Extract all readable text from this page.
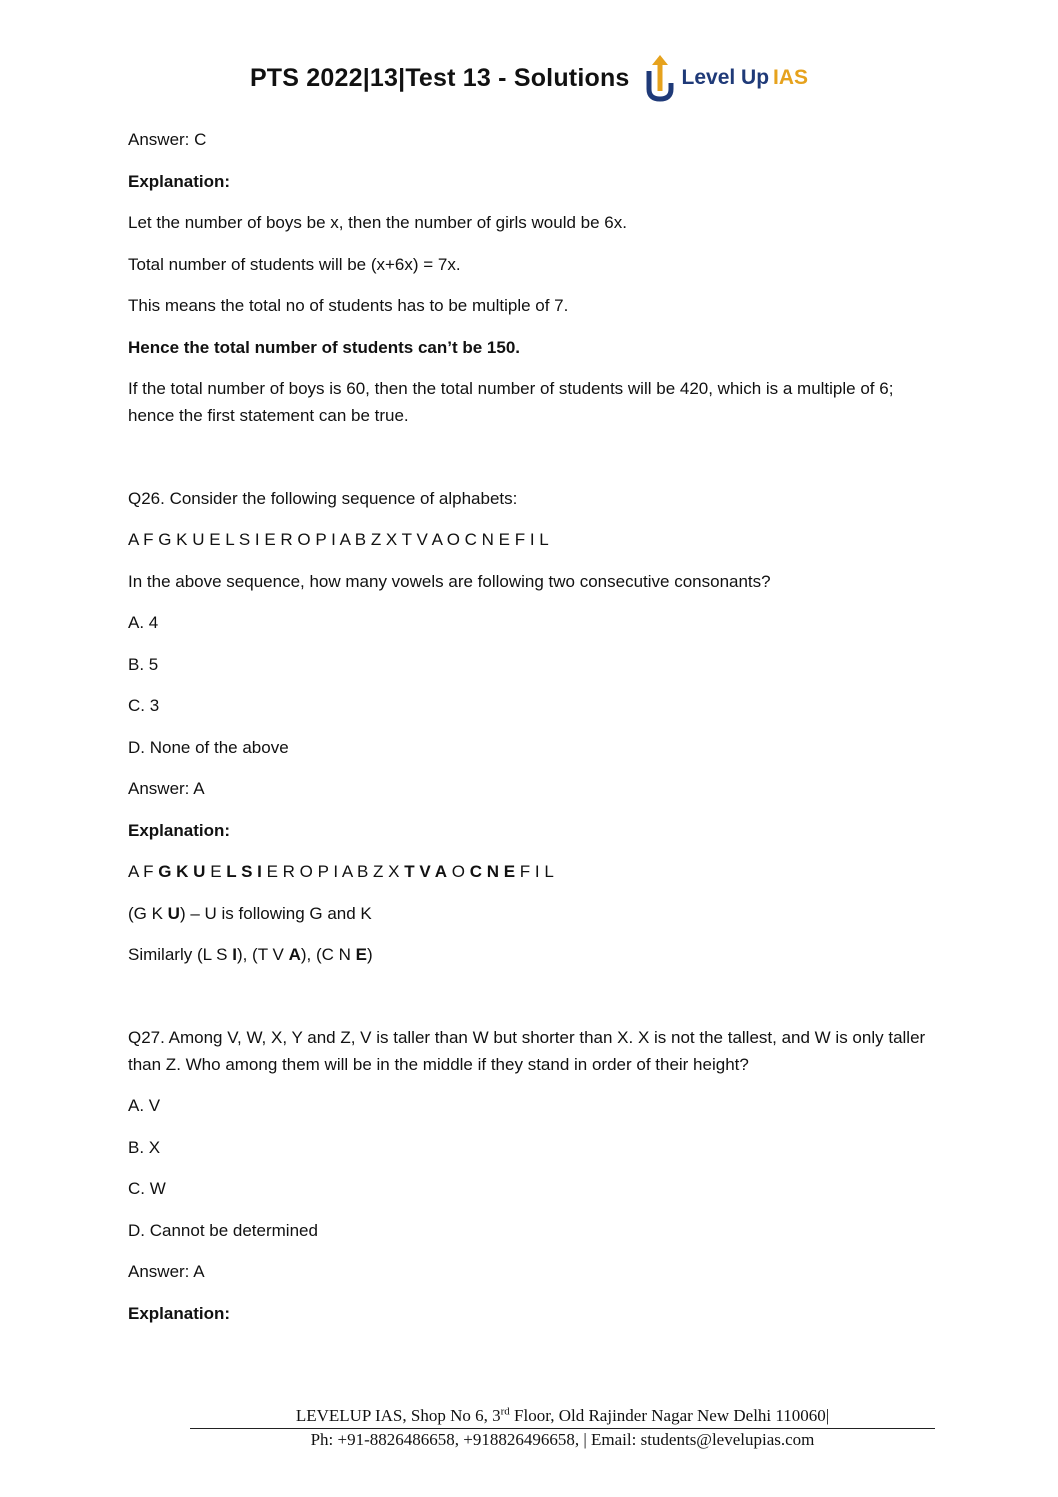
PTS 2022|13|Test 13 - Solutions Level Up IAS

Answer: C

Explanation:

Let the number of boys be x, then the number of girls would be 6x.

Total number of students will be (x+6x) = 7x.

This means the total no of students has to be multiple of 7.

Hence the total number of students can’t be 150.

If the total number of boys is 60, then the total number of students will be 420, which is a multiple of 6; hence the first statement can be true.

Q26. Consider the following sequence of alphabets:

A F G K U E L S I E R O P I A B Z X T V A O C N E F I L

In the above sequence, how many vowels are following two consecutive consonants?

A. 4

B. 5

C. 3

D. None of the above

Answer: A

Explanation:

A F G K U E L S I E R O P I A B Z X T V A O C N E F I L

(G K U) – U is following G and K

Similarly (L S I), (T V A), (C N E)

Q27. Among V, W, X, Y and Z, V is taller than W but shorter than X. X is not the tallest, and W is only taller than Z. Who among them will be in the middle if they stand in order of their height?

A. V

B. X

C. W

D. Cannot be determined

Answer: A

Explanation:

LEVELUP IAS, Shop No 6, 3rd Floor, Old Rajinder Nagar New Delhi 110060|
Ph: +91-8826486658, +918826496658, | Email: students@levelupias.com
